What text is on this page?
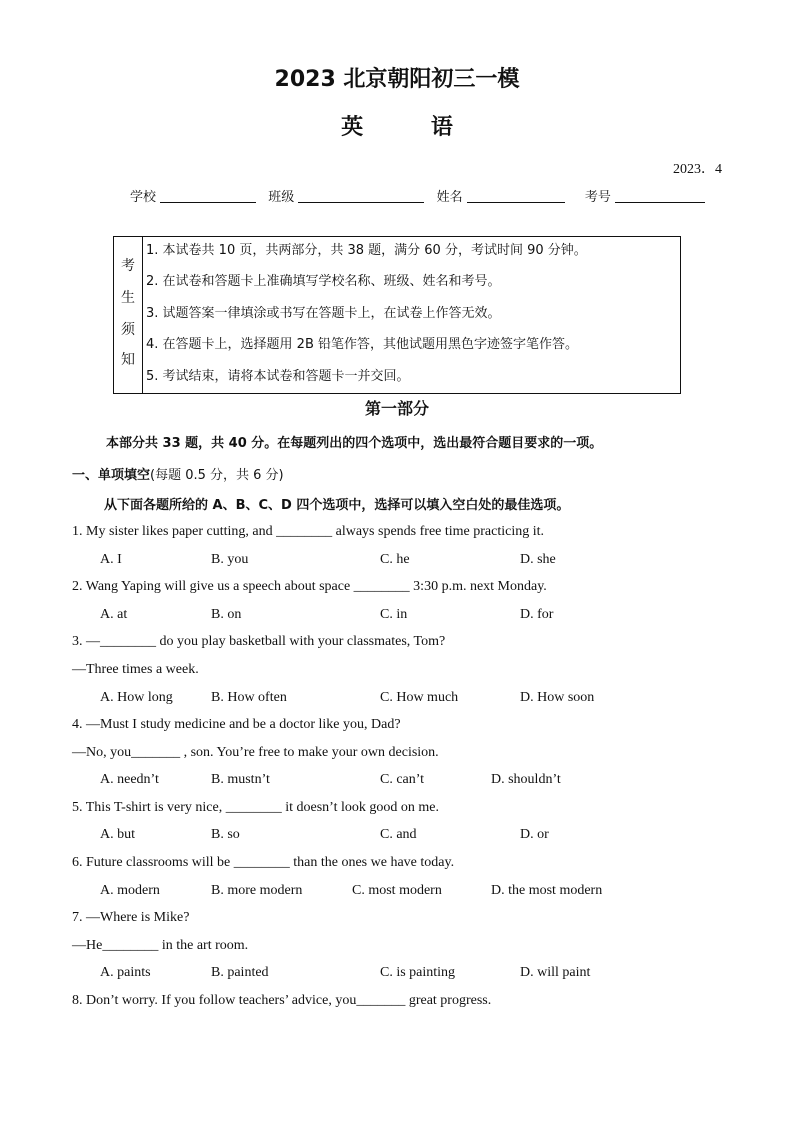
2023 北京朝阳初三一模
英 语
2023．4
学校	班级	姓名	考号
考
生
须
知
1. 本试卷共 10 页，共两部分，共 38 题，满分 60 分，考试时间 90 分钟。
2. 在试卷和答题卡上准确填写学校名称、班级、姓名和考号。
3. 试题答案一律填涂或书写在答题卡上，在试卷上作答无效。
4. 在答题卡上，选择题用 2B 铅笔作答，其他试题用黑色字迹签字笔作答。
5. 考试结束，请将本试卷和答题卡一并交回。
第一部分
本部分共 33 题，共 40 分。在每题列出的四个选项中，选出最符合题目要求的一项。
一、单项填空(每题 0.5 分，共 6 分)
从下面各题所给的 A、B、C、D 四个选项中，选择可以填入空白处的最佳选项。
1. My sister likes paper cutting, and ________ always spends free time practicing it.
A. I	B. you	C. he	D. she
2. Wang Yaping will give us a speech about space ________ 3:30 p.m. next Monday.
A. at	B. on	C. in	D. for
3. —________ do you play basketball with your classmates, Tom?
—Three times a week.
A. How long	B. How often	C. How much	D. How soon
4. —Must I study medicine and be a doctor like you, Dad?
—No, you_______ , son. You’re free to make your own decision.
A. needn’t	B. mustn’t	C. can’t	D. shouldn’t
5. This T-shirt is very nice, ________ it doesn’t look good on me.
A. but	B. so	C. and	D. or
6. Future classrooms will be ________ than the ones we have today.
A. modern	B. more modern	C. most modern	D. the most modern
7. —Where is Mike?
—He________ in the art room.
A. paints	B. painted	C. is painting	D. will paint
8. Don’t worry. If you follow teachers’ advice, you_______ great progress.
